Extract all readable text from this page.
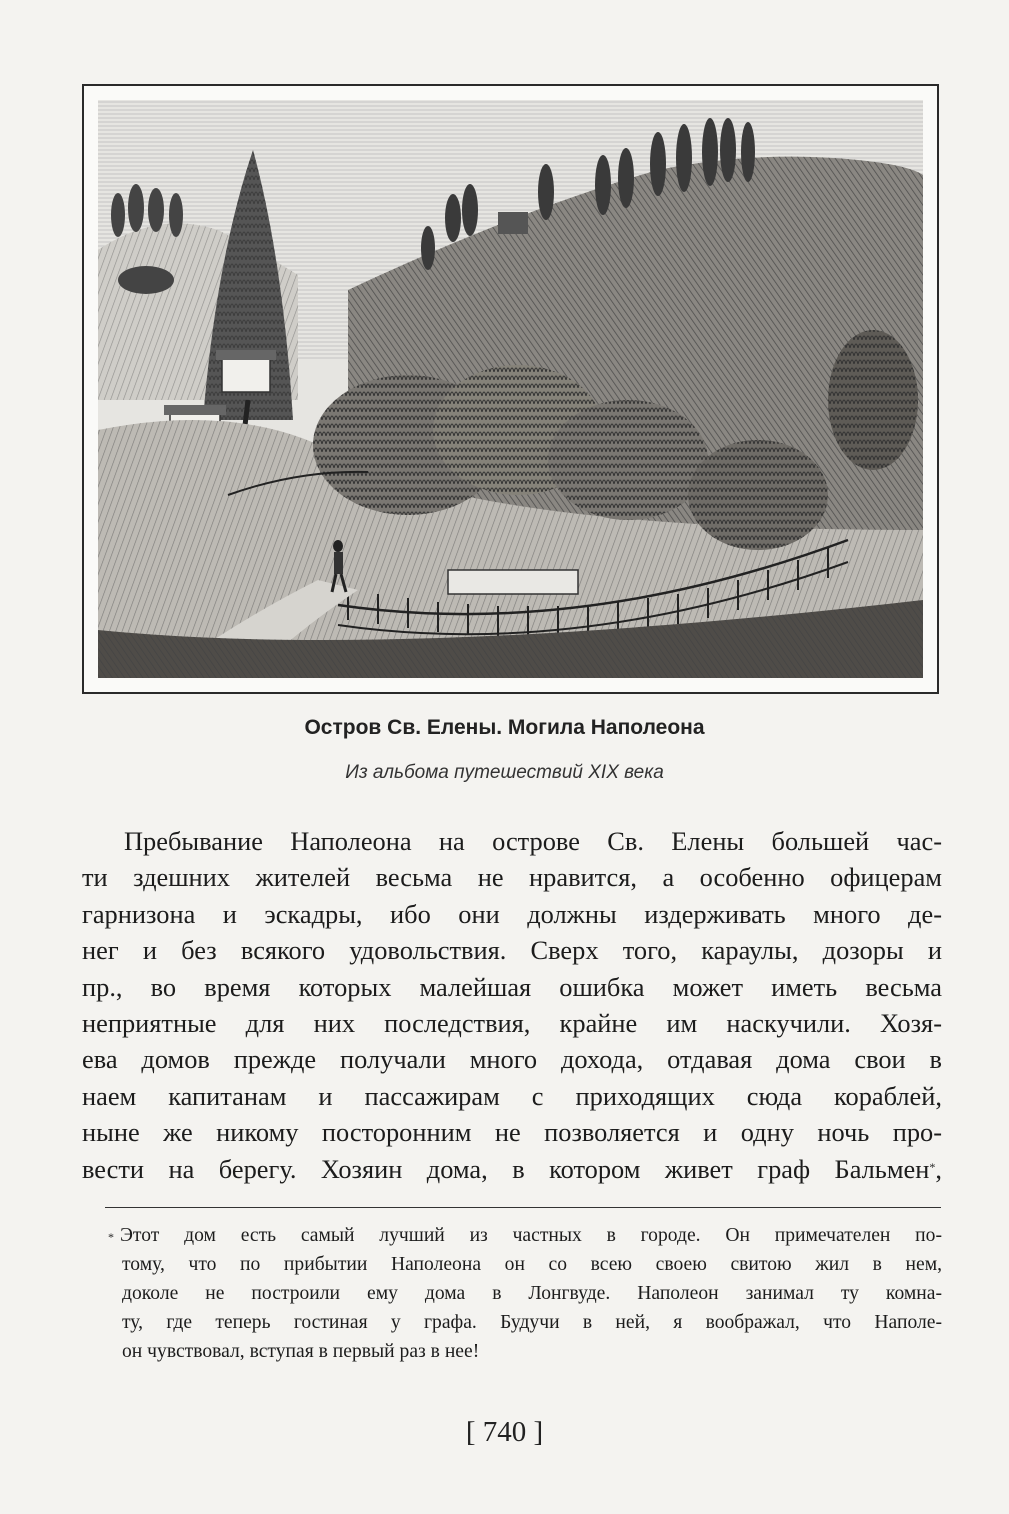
Остров Св. Елены. Могила Наполеона
Из альбома путешествий XIX века
Пребывание Наполеона на острове Св. Елены большей час-
ти здешних жителей весьма не нравится, а особенно офицерам
гарнизона и эскадры, ибо они должны издерживать много де-
нег и без всякого удовольствия. Сверх того, караулы, дозоры и
пр., во время которых малейшая ошибка может иметь весьма
неприятные для них последствия, крайне им наскучили. Хозя-
ева домов прежде получали много дохода, отдавая дома свои в
наем капитанам и пассажирам с приходящих сюда кораблей,
ныне же никому посторонним не позволяется и одну ночь про-
вести на берегу. Хозяин дома, в котором живет граф Бальмен*,
* Этот дом есть самый лучший из частных в городе. Он примечателен по-
тому, что по прибытии Наполеона он со всею своею свитою жил в нем,
доколе не построили ему дома в Лонгвуде. Наполеон занимал ту комна-
ту, где теперь гостиная у графа. Будучи в ней, я воображал, что Наполе-
он чувствовал, вступая в первый раз в нее!
[ 740 ]
